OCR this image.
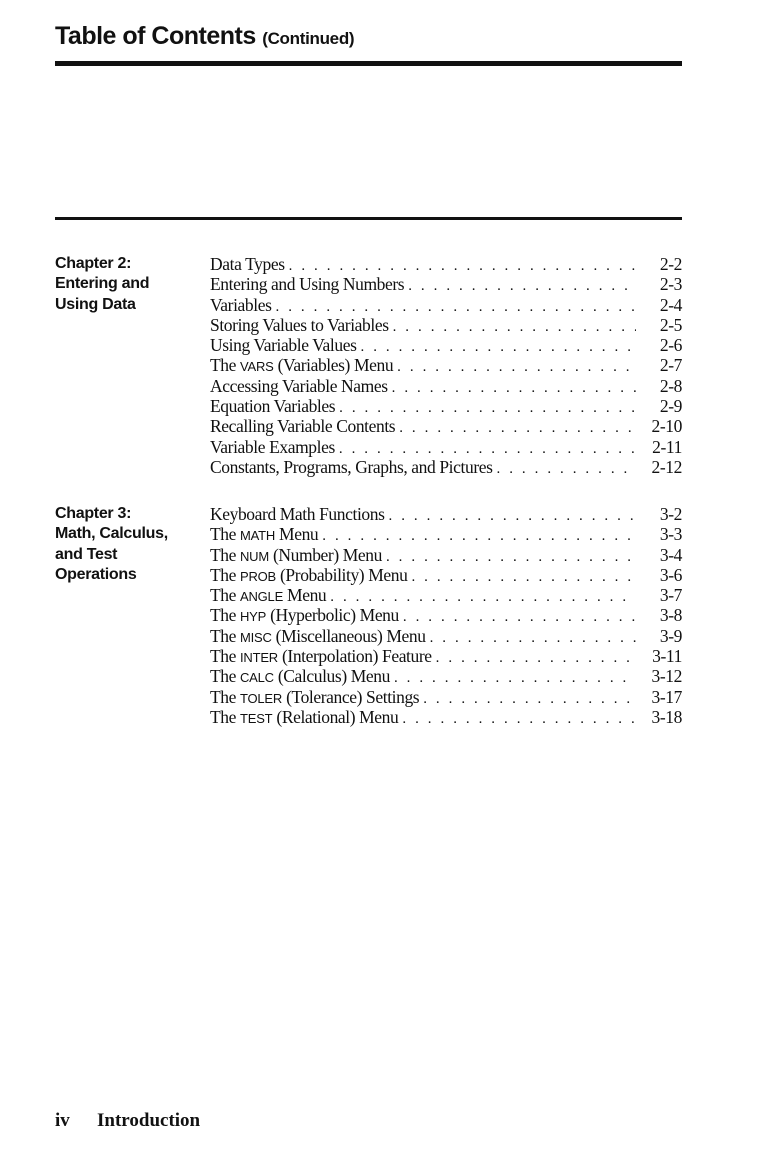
Table of Contents (Continued)
Chapter 2:
Entering and
Using Data
Data Types . . .	2-2
Entering and Using Numbers . . .	2-3
Variables . . .	2-4
Storing Values to Variables . . .	2-5
Using Variable Values . . .	2-6
The VARS (Variables) Menu . . .	2-7
Accessing Variable Names . . .	2-8
Equation Variables . . .	2-9
Recalling Variable Contents . . .	2-10
Variable Examples . . .	2-11
Constants, Programs, Graphs, and Pictures . . .	2-12
Chapter 3:
Math, Calculus,
and Test
Operations
Keyboard Math Functions . . .	3-2
The MATH Menu . . .	3-3
The NUM (Number) Menu . . .	3-4
The PROB (Probability) Menu . . .	3-6
The ANGLE Menu . . .	3-7
The HYP (Hyperbolic) Menu . . .	3-8
The MISC (Miscellaneous) Menu . . .	3-9
The INTER (Interpolation) Feature . . .	3-11
The CALC (Calculus) Menu . . .	3-12
The TOLER (Tolerance) Settings . . .	3-17
The TEST (Relational) Menu . . .	3-18
iv Introduction
